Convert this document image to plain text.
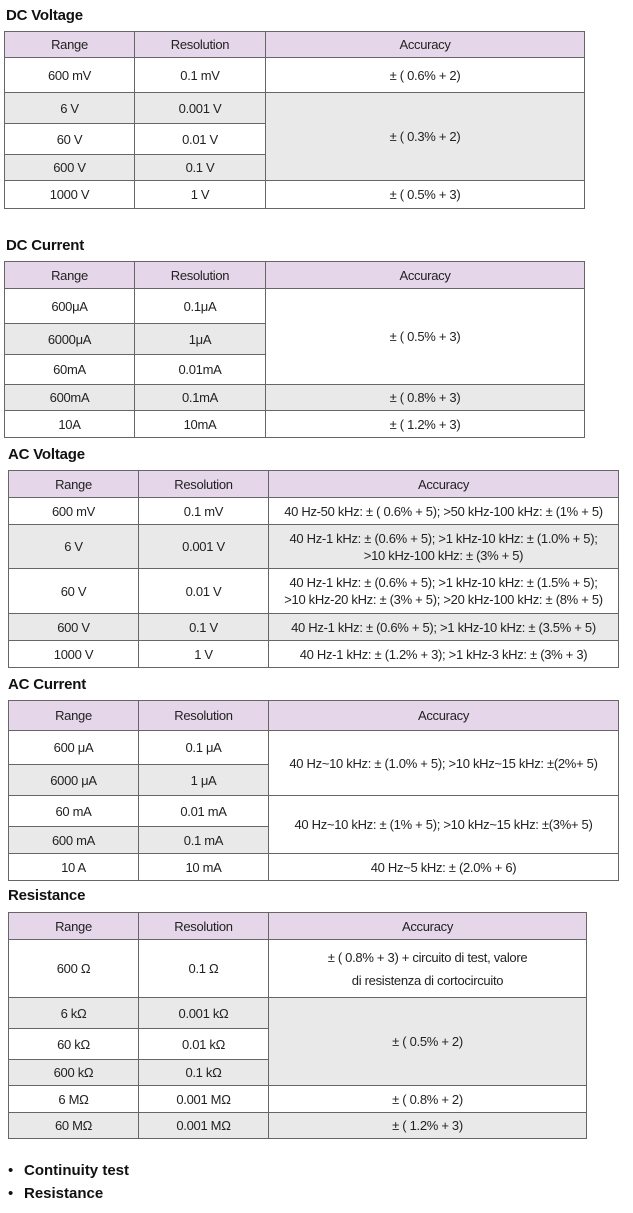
DC Voltage
Range	Resolution	Accuracy
600 mV	0.1 mV	± ( 0.6% + 2)
6 V	0.001 V	± ( 0.3% + 2)
60 V	0.01 V	
600 V	0.1 V	
1000 V	1 V	± ( 0.5% + 3)
DC Current
Range	Resolution	Accuracy
600μA	0.1μA	± ( 0.5% + 3)
6000μA	1μA	
60mA	0.01mA	
600mA	0.1mA	± ( 0.8% + 3)
10A	10mA	± ( 1.2% + 3)
AC Voltage
Range	Resolution	Accuracy
600 mV	0.1 mV	40 Hz-50 kHz: ± ( 0.6% + 5); >50 kHz-100 kHz: ± (1% + 5)

6 V	0.001 V	40 Hz-1 kHz: ± (0.6% + 5); >1 kHz-10 kHz: ± (1.0% + 5);
>10 kHz-100 kHz: ± (3% + 5)

60 V	0.01 V	40 Hz-1 kHz: ± (0.6% + 5); >1 kHz-10 kHz: ± (1.5% + 5);
>10 kHz-20 kHz: ± (3% + 5); >20 kHz-100 kHz: ± (8% + 5)

600 V	0.1 V	40 Hz-1 kHz: ± (0.6% + 5); >1 kHz-10 kHz: ± (3.5% + 5)

1000 V	1 V	40 Hz-1 kHz: ± (1.2% + 3); >1 kHz-3 kHz: ± (3% + 3)
AC Current
Range	Resolution	Accuracy
600 μA	0.1 μA	40 Hz~10 kHz: ± (1.0% + 5); >10 kHz~15 kHz: ±(2%+ 5)
6000 μA	1 μA	
60 mA	0.01 mA	40 Hz~10 kHz: ± (1% + 5); >10 kHz~15 kHz: ±(3%+ 5)
600 mA	0.1 mA	
10 A	10 mA	40 Hz~5 kHz: ± (2.0% + 6)
Resistance
Range	Resolution	Accuracy
600 Ω	0.1 Ω	± ( 0.8% + 3) + circuito di test, valore
di resistenza di cortocircuito

6 kΩ	0.001 kΩ	± ( 0.5% + 2)
60 kΩ	0.01 kΩ	
600 kΩ	0.1 kΩ	
6 MΩ	0.001 MΩ	± ( 0.8% + 2)
60 MΩ	0.001 MΩ	± ( 1.2% + 3)
• Continuity test
• Resistance
